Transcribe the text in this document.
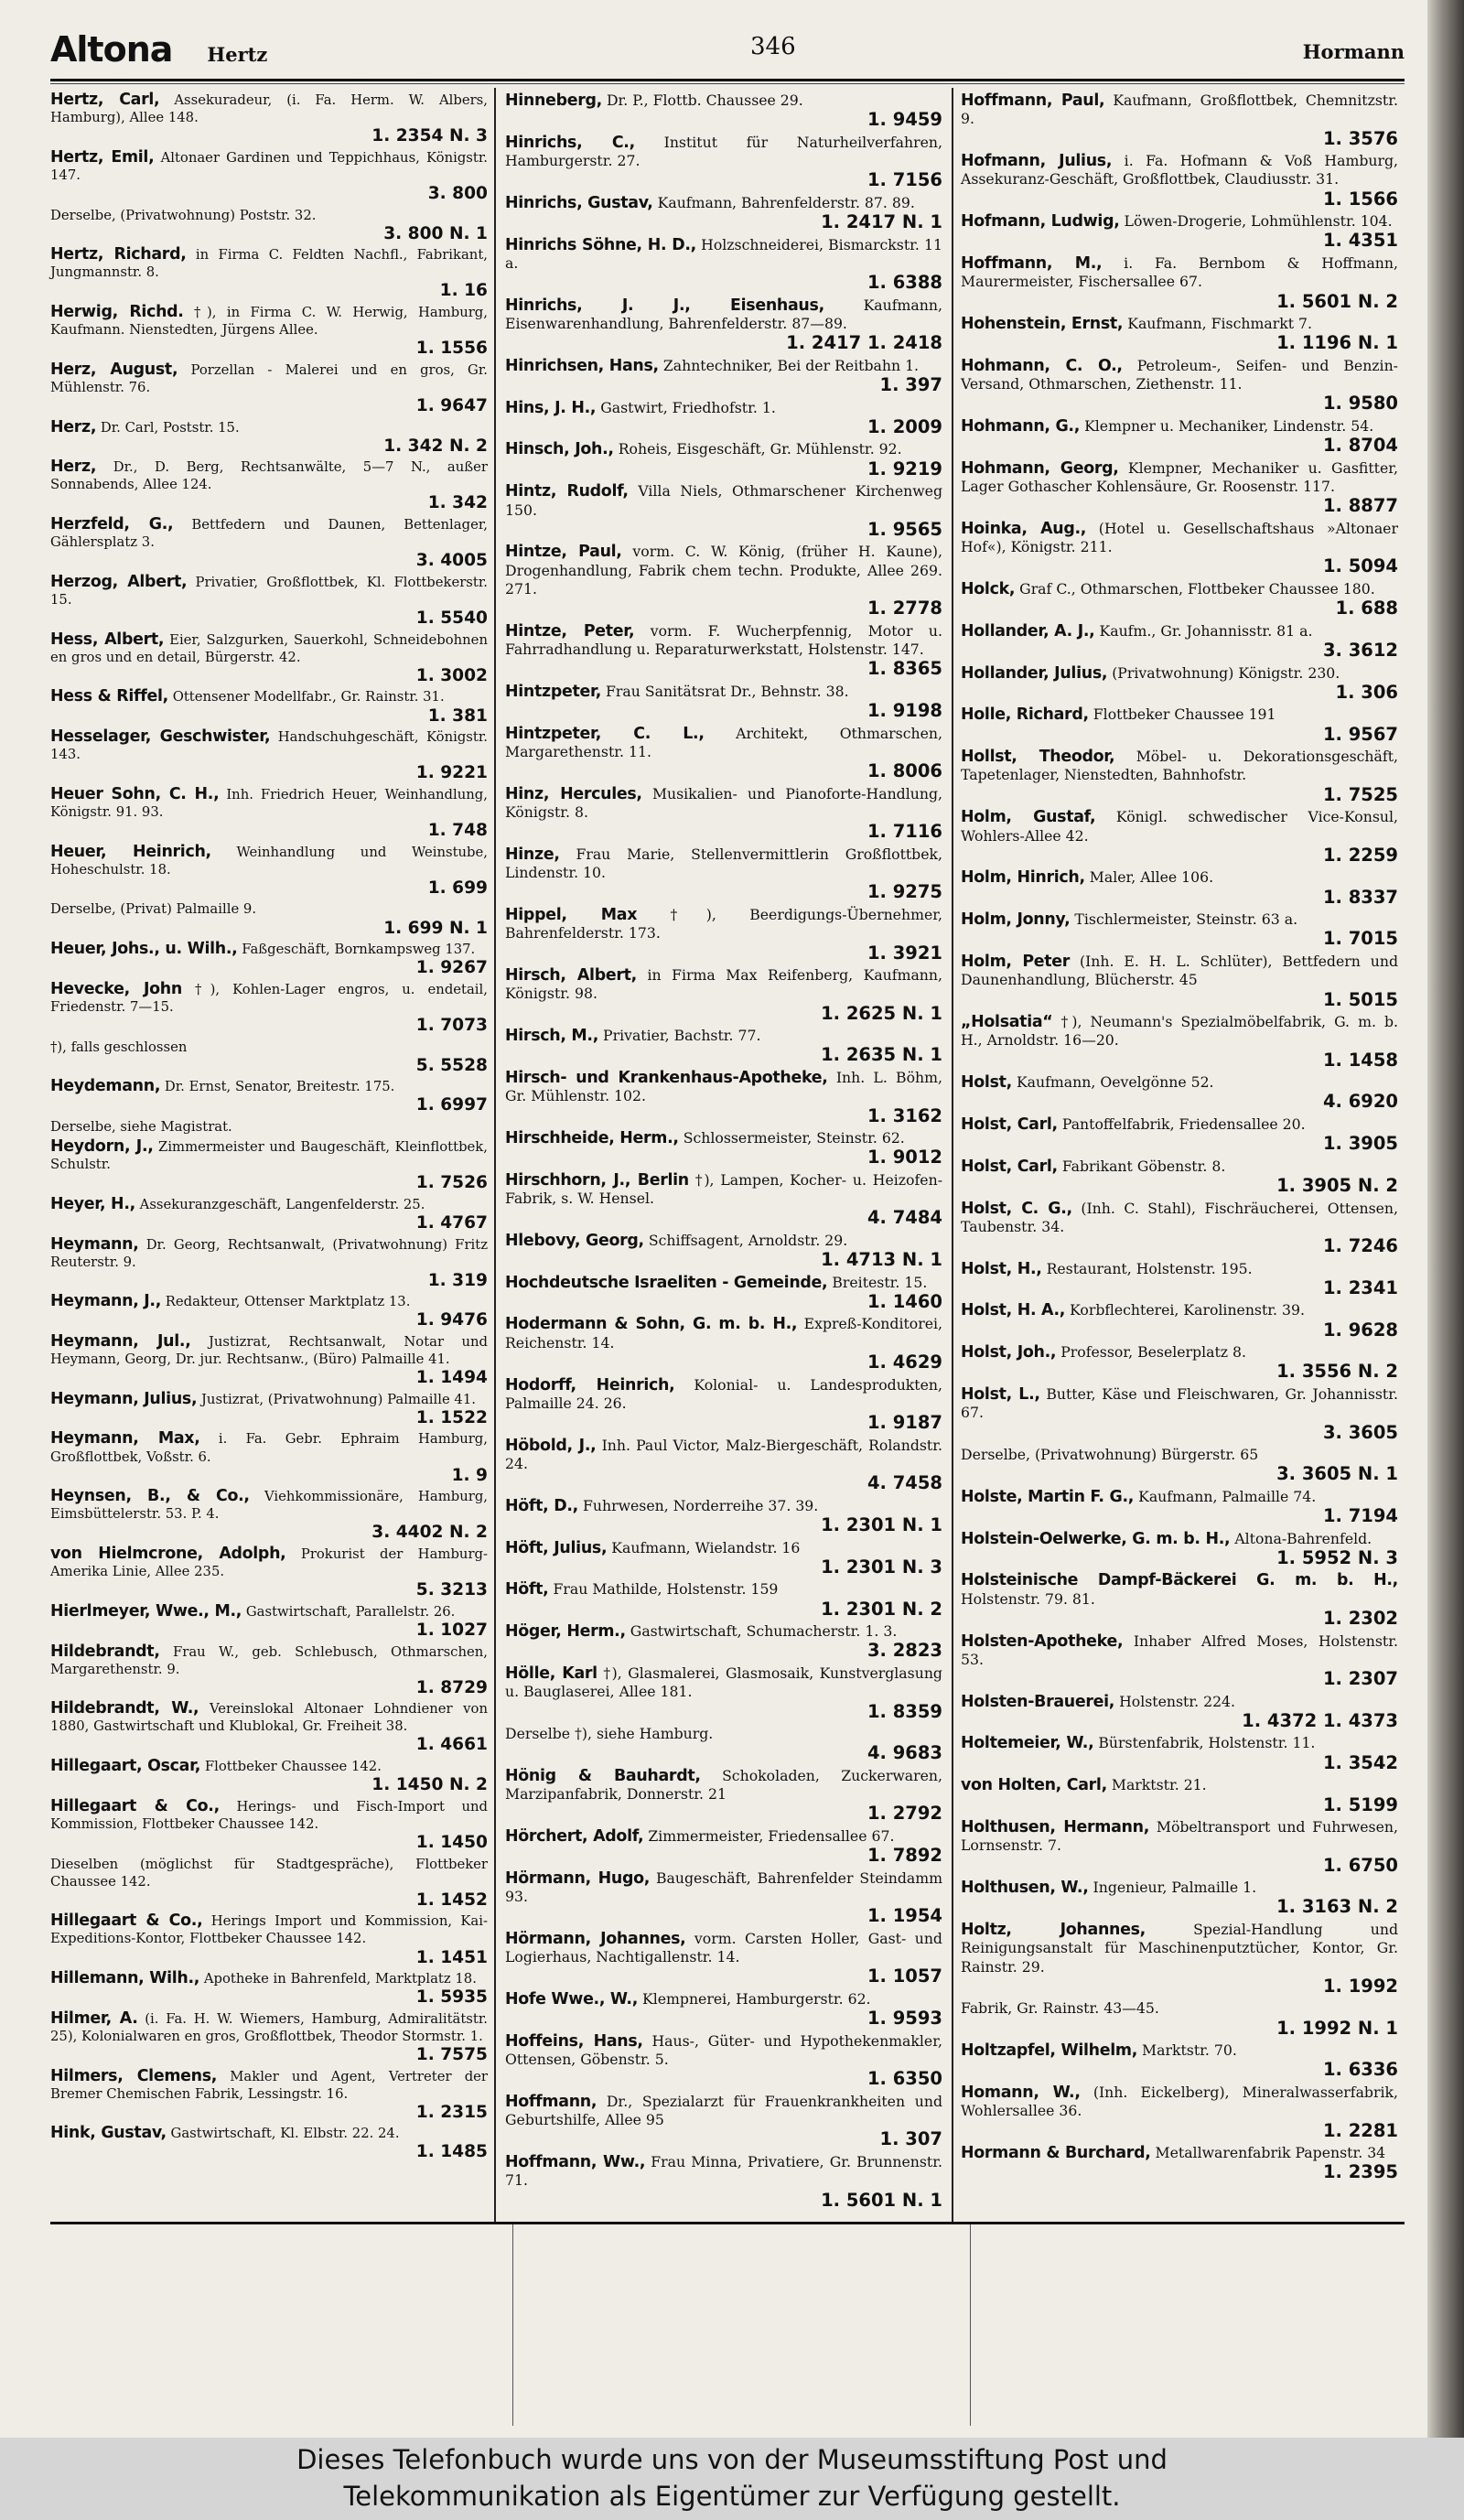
Altona Hertz	346	Hormann
Hertz, Carl, Assekuradeur, (i. Fa. Herm. W. Albers, Hamburg), Allee 148.
1. 2354 N. 3
Hertz, Emil, Altonaer Gardinen und Teppichhaus, Königstr. 147.
3. 800
Derselbe, (Privatwohnung) Poststr. 32.
3. 800 N. 1
Hertz, Richard, in Firma C. Feldten Nachfl., Fabrikant, Jungmannstr. 8.
1. 16
Herwig, Richd. †), in Firma C. W. Herwig, Hamburg, Kaufmann. Nienstedten, Jürgens Allee.
1. 1556
Herz, August, Porzellan - Malerei und en gros, Gr. Mühlenstr. 76.
1. 9647
Herz, Dr. Carl, Poststr. 15.
1. 342 N. 2
Herz, Dr., D. Berg, Rechtsanwälte, 5—7 N., außer Sonnabends, Allee 124.
1. 342
Herzfeld, G., Bettfedern und Daunen, Bettenlager, Gählersplatz 3.
3. 4005
Herzog, Albert, Privatier, Großflottbek, Kl. Flottbekerstr. 15.
1. 5540
Hess, Albert, Eier, Salzgurken, Sauerkohl, Schneidebohnen en gros und en detail, Bürgerstr. 42.
1. 3002
Hess & Riffel, Ottensener Modellfabr., Gr. Rainstr. 31.
1. 381
Hesselager, Geschwister, Handschuhgeschäft, Königstr. 143.
1. 9221
Heuer Sohn, C. H., Inh. Friedrich Heuer, Weinhandlung, Königstr. 91. 93.
1. 748
Heuer, Heinrich, Weinhandlung und Weinstube, Hoheschulstr. 18.
1. 699
Derselbe, (Privat) Palmaille 9.
1. 699 N. 1
Heuer, Johs., u. Wilh., Faßgeschäft, Bornkampsweg 137.
1. 9267
Hevecke, John †), Kohlen-Lager engros, u. endetail, Friedenstr. 7—15.
1. 7073
†), falls geschlossen
5. 5528
Heydemann, Dr. Ernst, Senator, Breitestr. 175.
1. 6997
Derselbe, siehe Magistrat.
Heydorn, J., Zimmermeister und Baugeschäft, Kleinflottbek, Schulstr.
1. 7526
Heyer, H., Assekuranzgeschäft, Langenfelderstr. 25.
1. 4767
Heymann, Dr. Georg, Rechtsanwalt, (Privatwohnung) Fritz Reuterstr. 9.
1. 319
Heymann, J., Redakteur, Ottenser Marktplatz 13.
1. 9476
Heymann, Jul., Justizrat, Rechtsanwalt, Notar und Heymann, Georg, Dr. jur. Rechtsanw., (Büro) Palmaille 41.
1. 1494
Heymann, Julius, Justizrat, (Privatwohnung) Palmaille 41.
1. 1522
Heymann, Max, i. Fa. Gebr. Ephraim Hamburg, Großflottbek, Voßstr. 6.
1. 9
Heynsen, B., & Co., Viehkommissionäre, Hamburg, Eimsbüttelerstr. 53. P. 4.
3. 4402 N. 2
von Hielmcrone, Adolph, Prokurist der Hamburg-Amerika Linie, Allee 235.
5. 3213
Hierlmeyer, Wwe., M., Gastwirtschaft, Parallelstr. 26.
1. 1027
Hildebrandt, Frau W., geb. Schlebusch, Othmarschen, Margarethenstr. 9.
1. 8729
Hildebrandt, W., Vereinslokal Altonaer Lohndiener von 1880, Gastwirtschaft und Klublokal, Gr. Freiheit 38.
1. 4661
Hillegaart, Oscar, Flottbeker Chaussee 142.
1. 1450 N. 2
Hillegaart & Co., Herings- und Fisch-Import und Kommission, Flottbeker Chaussee 142.
1. 1450
Dieselben (möglichst für Stadtgespräche), Flottbeker Chaussee 142.
1. 1452
Hillegaart & Co., Herings Import und Kommission, Kai-Expeditions-Kontor, Flottbeker Chaussee 142.
1. 1451
Hillemann, Wilh., Apotheke in Bahrenfeld, Marktplatz 18.
1. 5935
Hilmer, A. (i. Fa. H. W. Wiemers, Hamburg, Admiralitätstr. 25), Kolonialwaren en gros, Großflottbek, Theodor Stormstr. 1.
1. 7575
Hilmers, Clemens, Makler und Agent, Vertreter der Bremer Chemischen Fabrik, Lessingstr. 16.
1. 2315
Hink, Gustav, Gastwirtschaft, Kl. Elbstr. 22. 24.
1. 1485
Hinneberg, Dr. P., Flottb. Chaussee 29.
1. 9459
Hinrichs, C., Institut für Naturheilverfahren, Hamburgerstr. 27.
1. 7156
Hinrichs, Gustav, Kaufmann, Bahrenfelderstr. 87. 89.
1. 2417 N. 1
Hinrichs Söhne, H. D., Holzschneiderei, Bismarckstr. 11 a.
1. 6388
Hinrichs, J. J., Eisenhaus,	Kaufmann, Eisenwarenhandlung, Bahrenfelderstr. 87—89.
1. 2417 1. 2418
Hinrichsen, Hans, Zahntechniker, Bei der Reitbahn 1.
1. 397
Hins, J. H., Gastwirt, Friedhofstr. 1.
1. 2009
Hinsch, Joh., Roheis, Eisgeschäft, Gr. Mühlenstr. 92.
1. 9219
Hintz, Rudolf, Villa Niels, Othmarschener Kirchenweg 150.
1. 9565
Hintze, Paul, vorm. C. W. König, (früher H. Kaune), Drogenhandlung, Fabrik chem techn. Produkte, Allee 269. 271.
1. 2778
Hintze, Peter, vorm. F. Wucherpfennig, Motor u. Fahrradhandlung u. Reparaturwerkstatt, Holstenstr. 147.
1. 8365
Hintzpeter, Frau Sanitätsrat Dr., Behnstr. 38.
1. 9198
Hintzpeter, C. L., Architekt, Othmarschen, Margarethenstr. 11.
1. 8006
Hinz, Hercules, Musikalien- und Pianoforte-Handlung, Königstr. 8.
1. 7116
Hinze, Frau Marie, Stellenvermittlerin Großflottbek, Lindenstr. 10.
1. 9275
Hippel, Max †), Beerdigungs-Übernehmer, Bahrenfelderstr. 173.
1. 3921
Hirsch, Albert, in Firma Max Reifenberg, Kaufmann, Königstr. 98.
1. 2625 N. 1
Hirsch, M., Privatier, Bachstr. 77.
1. 2635 N. 1
Hirsch- und Krankenhaus-Apotheke, Inh. L. Böhm, Gr. Mühlenstr. 102.
1. 3162
Hirschheide, Herm., Schlossermeister, Steinstr. 62.
1. 9012
Hirschhorn, J., Berlin †), Lampen, Kocher- u. Heizofen-Fabrik, s. W. Hensel.
4. 7484
Hlebovy, Georg, Schiffsagent, Arnoldstr. 29.
1. 4713 N. 1
Hochdeutsche Israeliten - Gemeinde, Breitestr. 15.
1. 1460
Hodermann & Sohn, G. m. b. H., Expreß-Konditorei, Reichenstr. 14.
1. 4629
Hodorff, Heinrich, Kolonial- u. Landesprodukten, Palmaille 24. 26.
1. 9187
Höbold, J., Inh. Paul Victor, Malz-Biergeschäft, Rolandstr. 24.
4. 7458
Höft, D., Fuhrwesen, Norderreihe 37. 39.
1. 2301 N. 1
Höft, Julius, Kaufmann, Wielandstr. 16
1. 2301 N. 3
Höft, Frau Mathilde, Holstenstr. 159
1. 2301 N. 2
Höger, Herm., Gastwirtschaft, Schumacherstr. 1. 3.
3. 2823
Hölle, Karl †), Glasmalerei, Glasmosaik, Kunstverglasung u. Bauglaserei, Allee 181.
1. 8359
Derselbe †), siehe Hamburg.
4. 9683
Hönig & Bauhardt, Schokoladen, Zuckerwaren, Marzipanfabrik, Donnerstr. 21
1. 2792
Hörchert, Adolf, Zimmermeister, Friedensallee 67.
1. 7892
Hörmann, Hugo, Baugeschäft, Bahrenfelder Steindamm 93.
1. 1954
Hörmann, Johannes, vorm. Carsten Holler, Gast- und Logierhaus, Nachtigallenstr. 14.
1. 1057
Hofe Wwe., W., Klempnerei, Hamburgerstr. 62.
1. 9593
Hoffeins, Hans, Haus-, Güter- und Hypothekenmakler, Ottensen, Göbenstr. 5.
1. 6350
Hoffmann, Dr., Spezialarzt für Frauenkrankheiten und Geburtshilfe, Allee 95
1. 307
Hoffmann, Ww., Frau Minna, Privatiere, Gr. Brunnenstr. 71.
1. 5601 N. 1
Hoffmann, Paul, Kaufmann, Großflottbek, Chemnitzstr. 9.
1. 3576
Hofmann, Julius, i. Fa. Hofmann & Voß Hamburg, Assekuranz-Geschäft, Großflottbek, Claudiusstr. 31.
1. 1566
Hofmann, Ludwig, Löwen-Drogerie, Lohmühlenstr. 104.
1. 4351
Hoffmann, M., i. Fa. Bernbom & Hoffmann, Maurermeister, Fischersallee 67.
1. 5601 N. 2
Hohenstein, Ernst, Kaufmann, Fischmarkt 7.
1. 1196 N. 1
Hohmann, C. O., Petroleum-, Seifen- und Benzin-Versand, Othmarschen, Ziethenstr. 11.
1. 9580
Hohmann, G., Klempner u. Mechaniker, Lindenstr. 54.
1. 8704
Hohmann, Georg, Klempner, Mechaniker u. Gasfitter, Lager Gothascher Kohlensäure, Gr. Roosenstr. 117.
1. 8877
Hoinka, Aug., (Hotel u. Gesellschaftshaus »Altonaer Hof«), Königstr. 211.
1. 5094
Holck, Graf C., Othmarschen, Flottbeker Chaussee 180.
1. 688
Hollander, A. J., Kaufm., Gr. Johannisstr. 81 a.
3. 3612
Hollander, Julius, (Privatwohnung) Königstr. 230.
1. 306
Holle, Richard, Flottbeker Chaussee 191
1. 9567
Hollst, Theodor, Möbel- u. Dekorationsgeschäft, Tapetenlager, Nienstedten, Bahnhofstr.
1. 7525
Holm, Gustaf, Königl. schwedischer Vice-Konsul, Wohlers-Allee 42.
1. 2259
Holm, Hinrich, Maler, Allee 106.
1. 8337
Holm, Jonny, Tischlermeister, Steinstr. 63 a.
1. 7015
Holm, Peter (Inh. E. H. L. Schlüter), Bettfedern und Daunenhandlung, Blücherstr. 45
1. 5015
„Holsatia“ †), Neumann's Spezialmöbelfabrik, G. m. b. H., Arnoldstr. 16—20.
1. 1458
Holst, Kaufmann, Oevelgönne 52.
4. 6920
Holst, Carl, Pantoffelfabrik, Friedensallee 20.
1. 3905
Holst, Carl, Fabrikant Göbenstr. 8.
1. 3905 N. 2
Holst, C. G., (Inh. C. Stahl), Fischräucherei, Ottensen, Taubenstr. 34.
1. 7246
Holst, H., Restaurant, Holstenstr. 195.
1. 2341
Holst, H. A., Korbflechterei, Karolinenstr. 39.
1. 9628
Holst, Joh., Professor, Beselerplatz 8.
1. 3556 N. 2
Holst, L., Butter, Käse und Fleischwaren, Gr. Johannisstr. 67.
3. 3605
Derselbe, (Privatwohnung) Bürgerstr. 65
3. 3605 N. 1
Holste, Martin F. G., Kaufmann, Palmaille 74.
1. 7194
Holstein-Oelwerke, G. m. b. H., Altona-Bahrenfeld.
1. 5952 N. 3
Holsteinische Dampf-Bäckerei G. m. b. H., Holstenstr. 79. 81.
1. 2302
Holsten-Apotheke, Inhaber Alfred Moses, Holstenstr. 53.
1. 2307
Holsten-Brauerei, Holstenstr. 224.
1. 4372 1. 4373
Holtemeier, W., Bürstenfabrik, Holstenstr. 11.
1. 3542
von Holten, Carl, Marktstr. 21.
1. 5199
Holthusen, Hermann, Möbeltransport und Fuhrwesen, Lornsenstr. 7.
1. 6750
Holthusen, W., Ingenieur, Palmaille 1.
1. 3163 N. 2
Holtz, Johannes,	Spezial-Handlung und Reinigungsanstalt für Maschinenputztücher, Kontor, Gr. Rainstr. 29.
1. 1992
Fabrik, Gr. Rainstr. 43—45.
1. 1992 N. 1
Holtzapfel, Wilhelm, Marktstr. 70.
1. 6336
Homann, W., (Inh. Eickelberg), Mineralwasserfabrik, Wohlersallee 36.
1. 2281
Hormann & Burchard, Metallwarenfabrik Papenstr. 34
1. 2395
Dieses Telefonbuch wurde uns von der Museumsstiftung Post und
Telekommunikation als Eigentümer zur Verfügung gestellt.
